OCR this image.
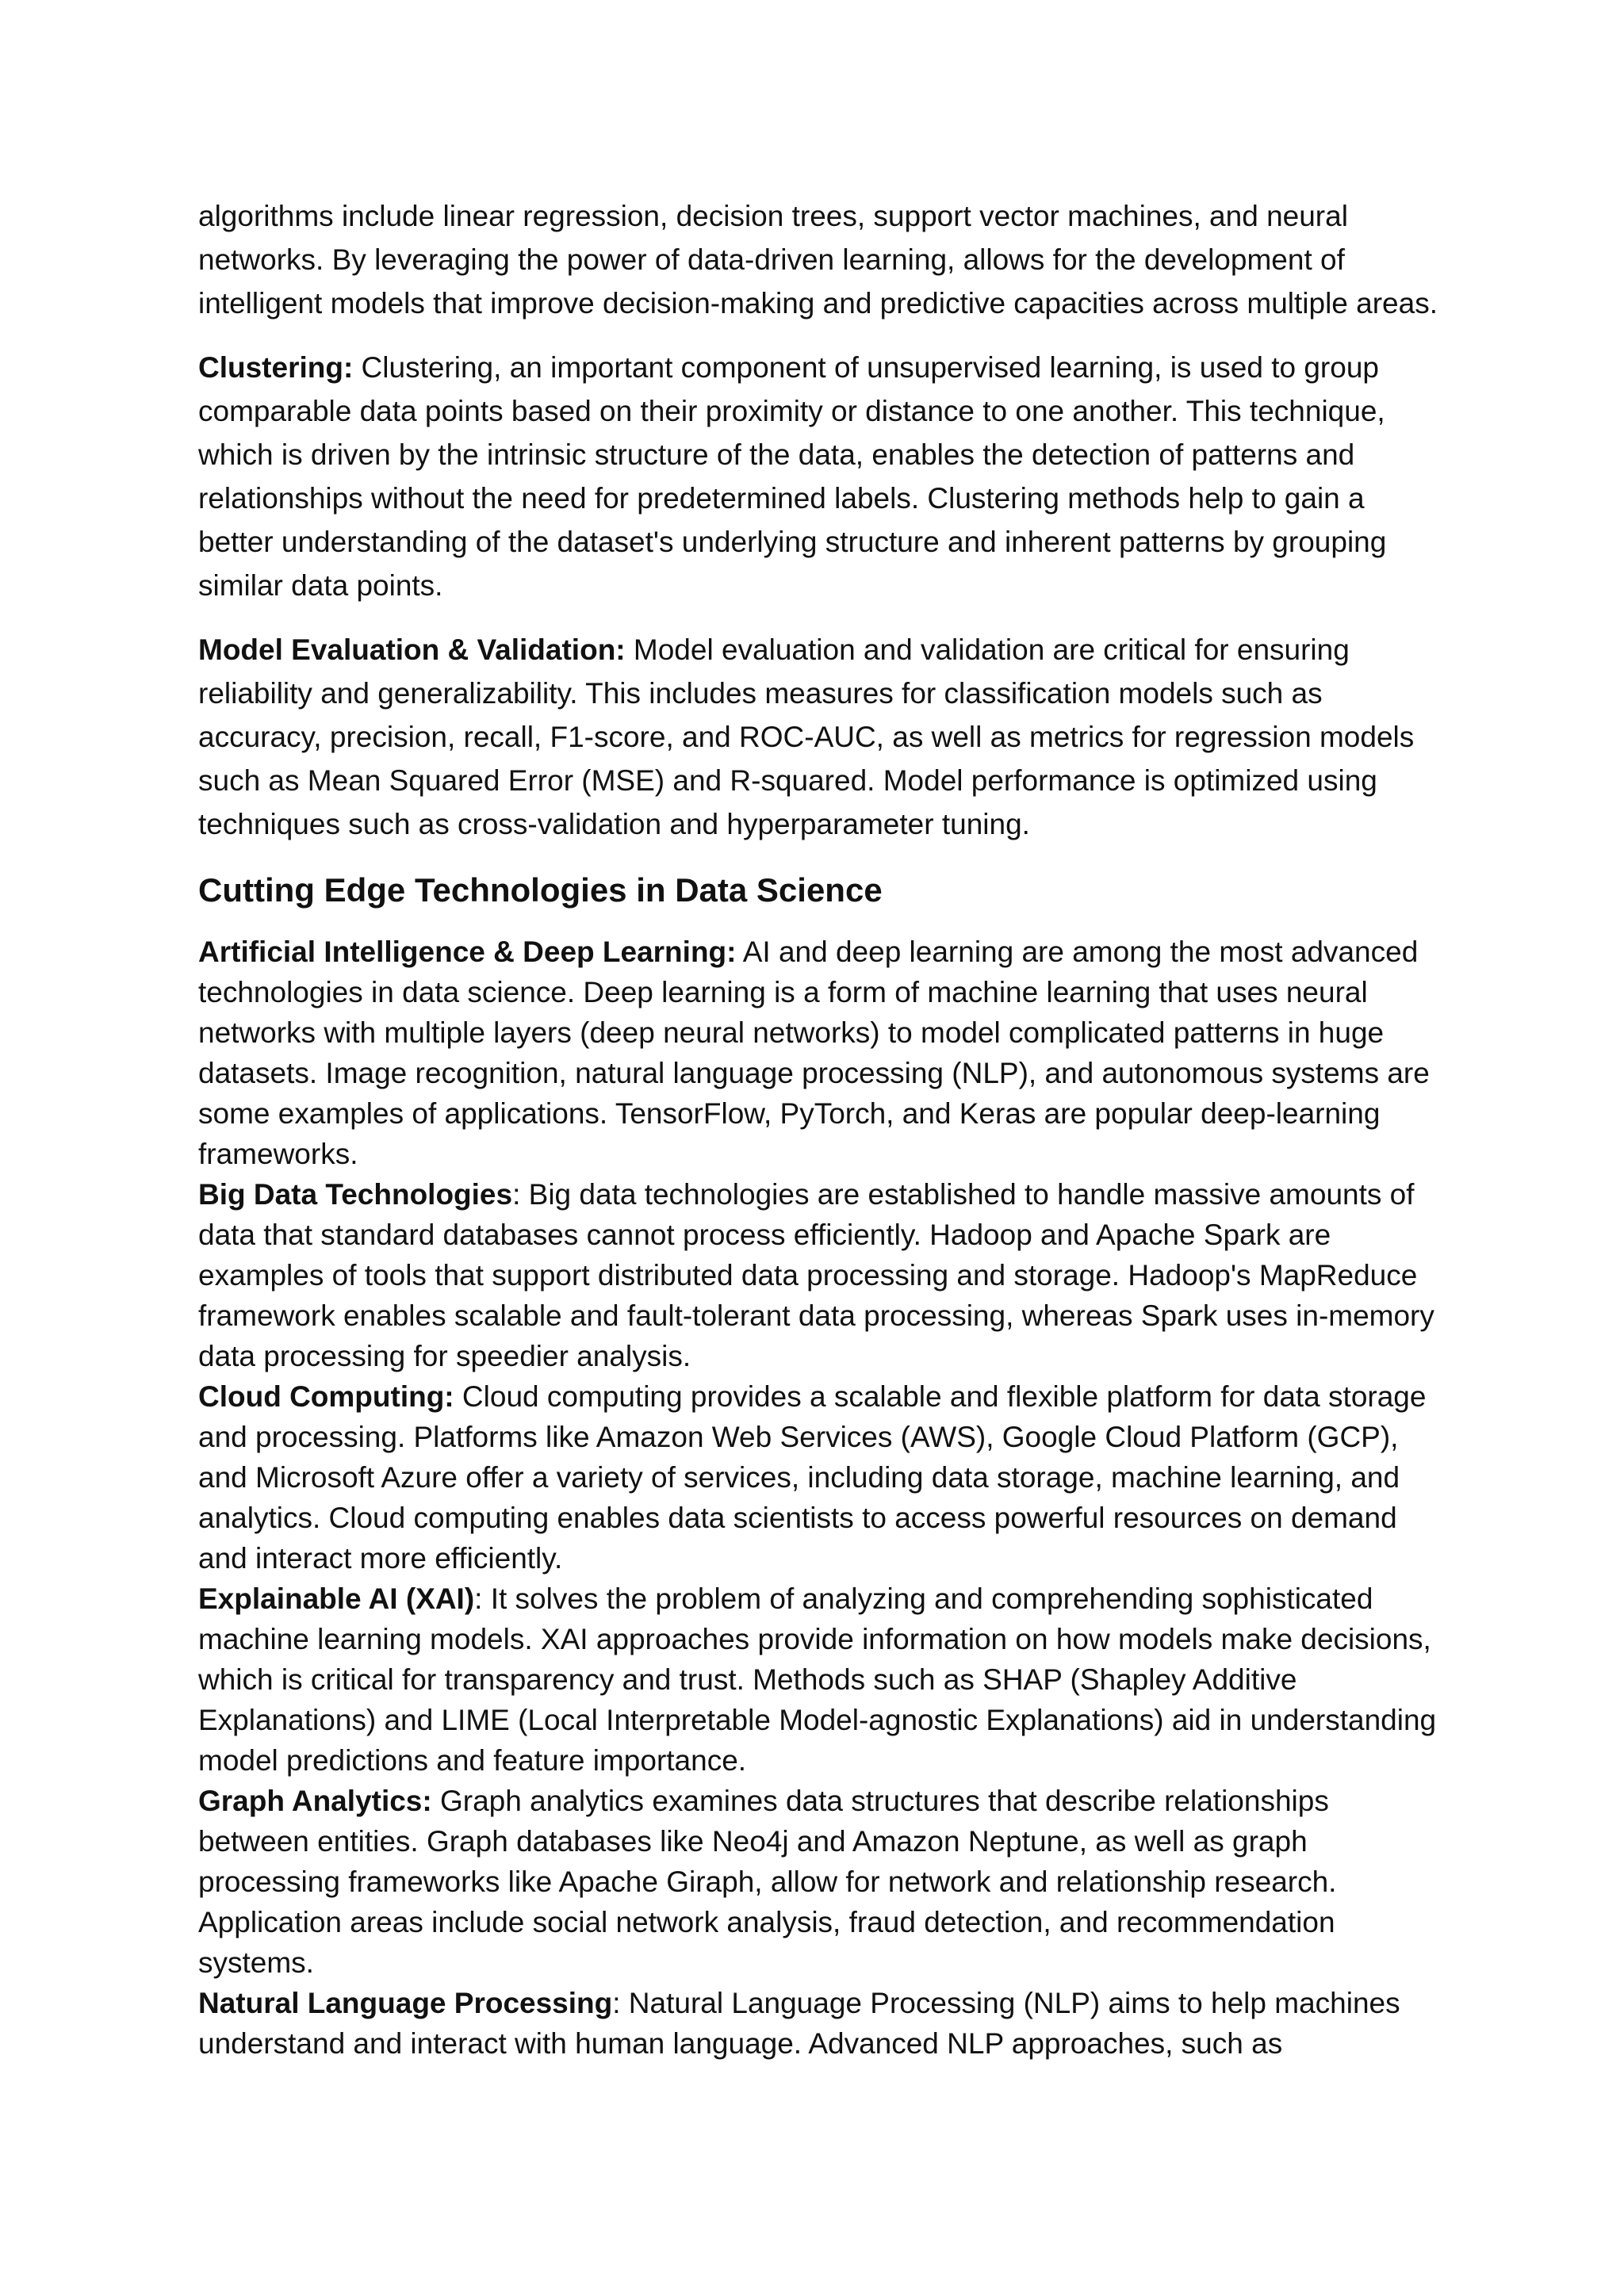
algorithms include linear regression, decision trees, support vector machines, and neural networks. By leveraging the power of data-driven learning, allows for the development of intelligent models that improve decision-making and predictive capacities across multiple areas.

Clustering: Clustering, an important component of unsupervised learning, is used to group comparable data points based on their proximity or distance to one another. This technique, which is driven by the intrinsic structure of the data, enables the detection of patterns and relationships without the need for predetermined labels. Clustering methods help to gain a better understanding of the dataset's underlying structure and inherent patterns by grouping similar data points.

Model Evaluation & Validation: Model evaluation and validation are critical for ensuring reliability and generalizability. This includes measures for classification models such as accuracy, precision, recall, F1-score, and ROC-AUC, as well as metrics for regression models such as Mean Squared Error (MSE) and R-squared. Model performance is optimized using techniques such as cross-validation and hyperparameter tuning.

Cutting Edge Technologies in Data Science

Artificial Intelligence & Deep Learning: AI and deep learning are among the most advanced technologies in data science. Deep learning is a form of machine learning that uses neural networks with multiple layers (deep neural networks) to model complicated patterns in huge datasets. Image recognition, natural language processing (NLP), and autonomous systems are some examples of applications. TensorFlow, PyTorch, and Keras are popular deep-learning frameworks.

Big Data Technologies: Big data technologies are established to handle massive amounts of data that standard databases cannot process efficiently. Hadoop and Apache Spark are examples of tools that support distributed data processing and storage. Hadoop's MapReduce framework enables scalable and fault-tolerant data processing, whereas Spark uses in-memory data processing for speedier analysis.

Cloud Computing: Cloud computing provides a scalable and flexible platform for data storage and processing. Platforms like Amazon Web Services (AWS), Google Cloud Platform (GCP), and Microsoft Azure offer a variety of services, including data storage, machine learning, and analytics. Cloud computing enables data scientists to access powerful resources on demand and interact more efficiently.

Explainable AI (XAI): It solves the problem of analyzing and comprehending sophisticated machine learning models. XAI approaches provide information on how models make decisions, which is critical for transparency and trust. Methods such as SHAP (Shapley Additive Explanations) and LIME (Local Interpretable Model-agnostic Explanations) aid in understanding model predictions and feature importance.

Graph Analytics: Graph analytics examines data structures that describe relationships between entities. Graph databases like Neo4j and Amazon Neptune, as well as graph processing frameworks like Apache Giraph, allow for network and relationship research. Application areas include social network analysis, fraud detection, and recommendation systems.

Natural Language Processing: Natural Language Processing (NLP) aims to help machines understand and interact with human language. Advanced NLP approaches, such as
